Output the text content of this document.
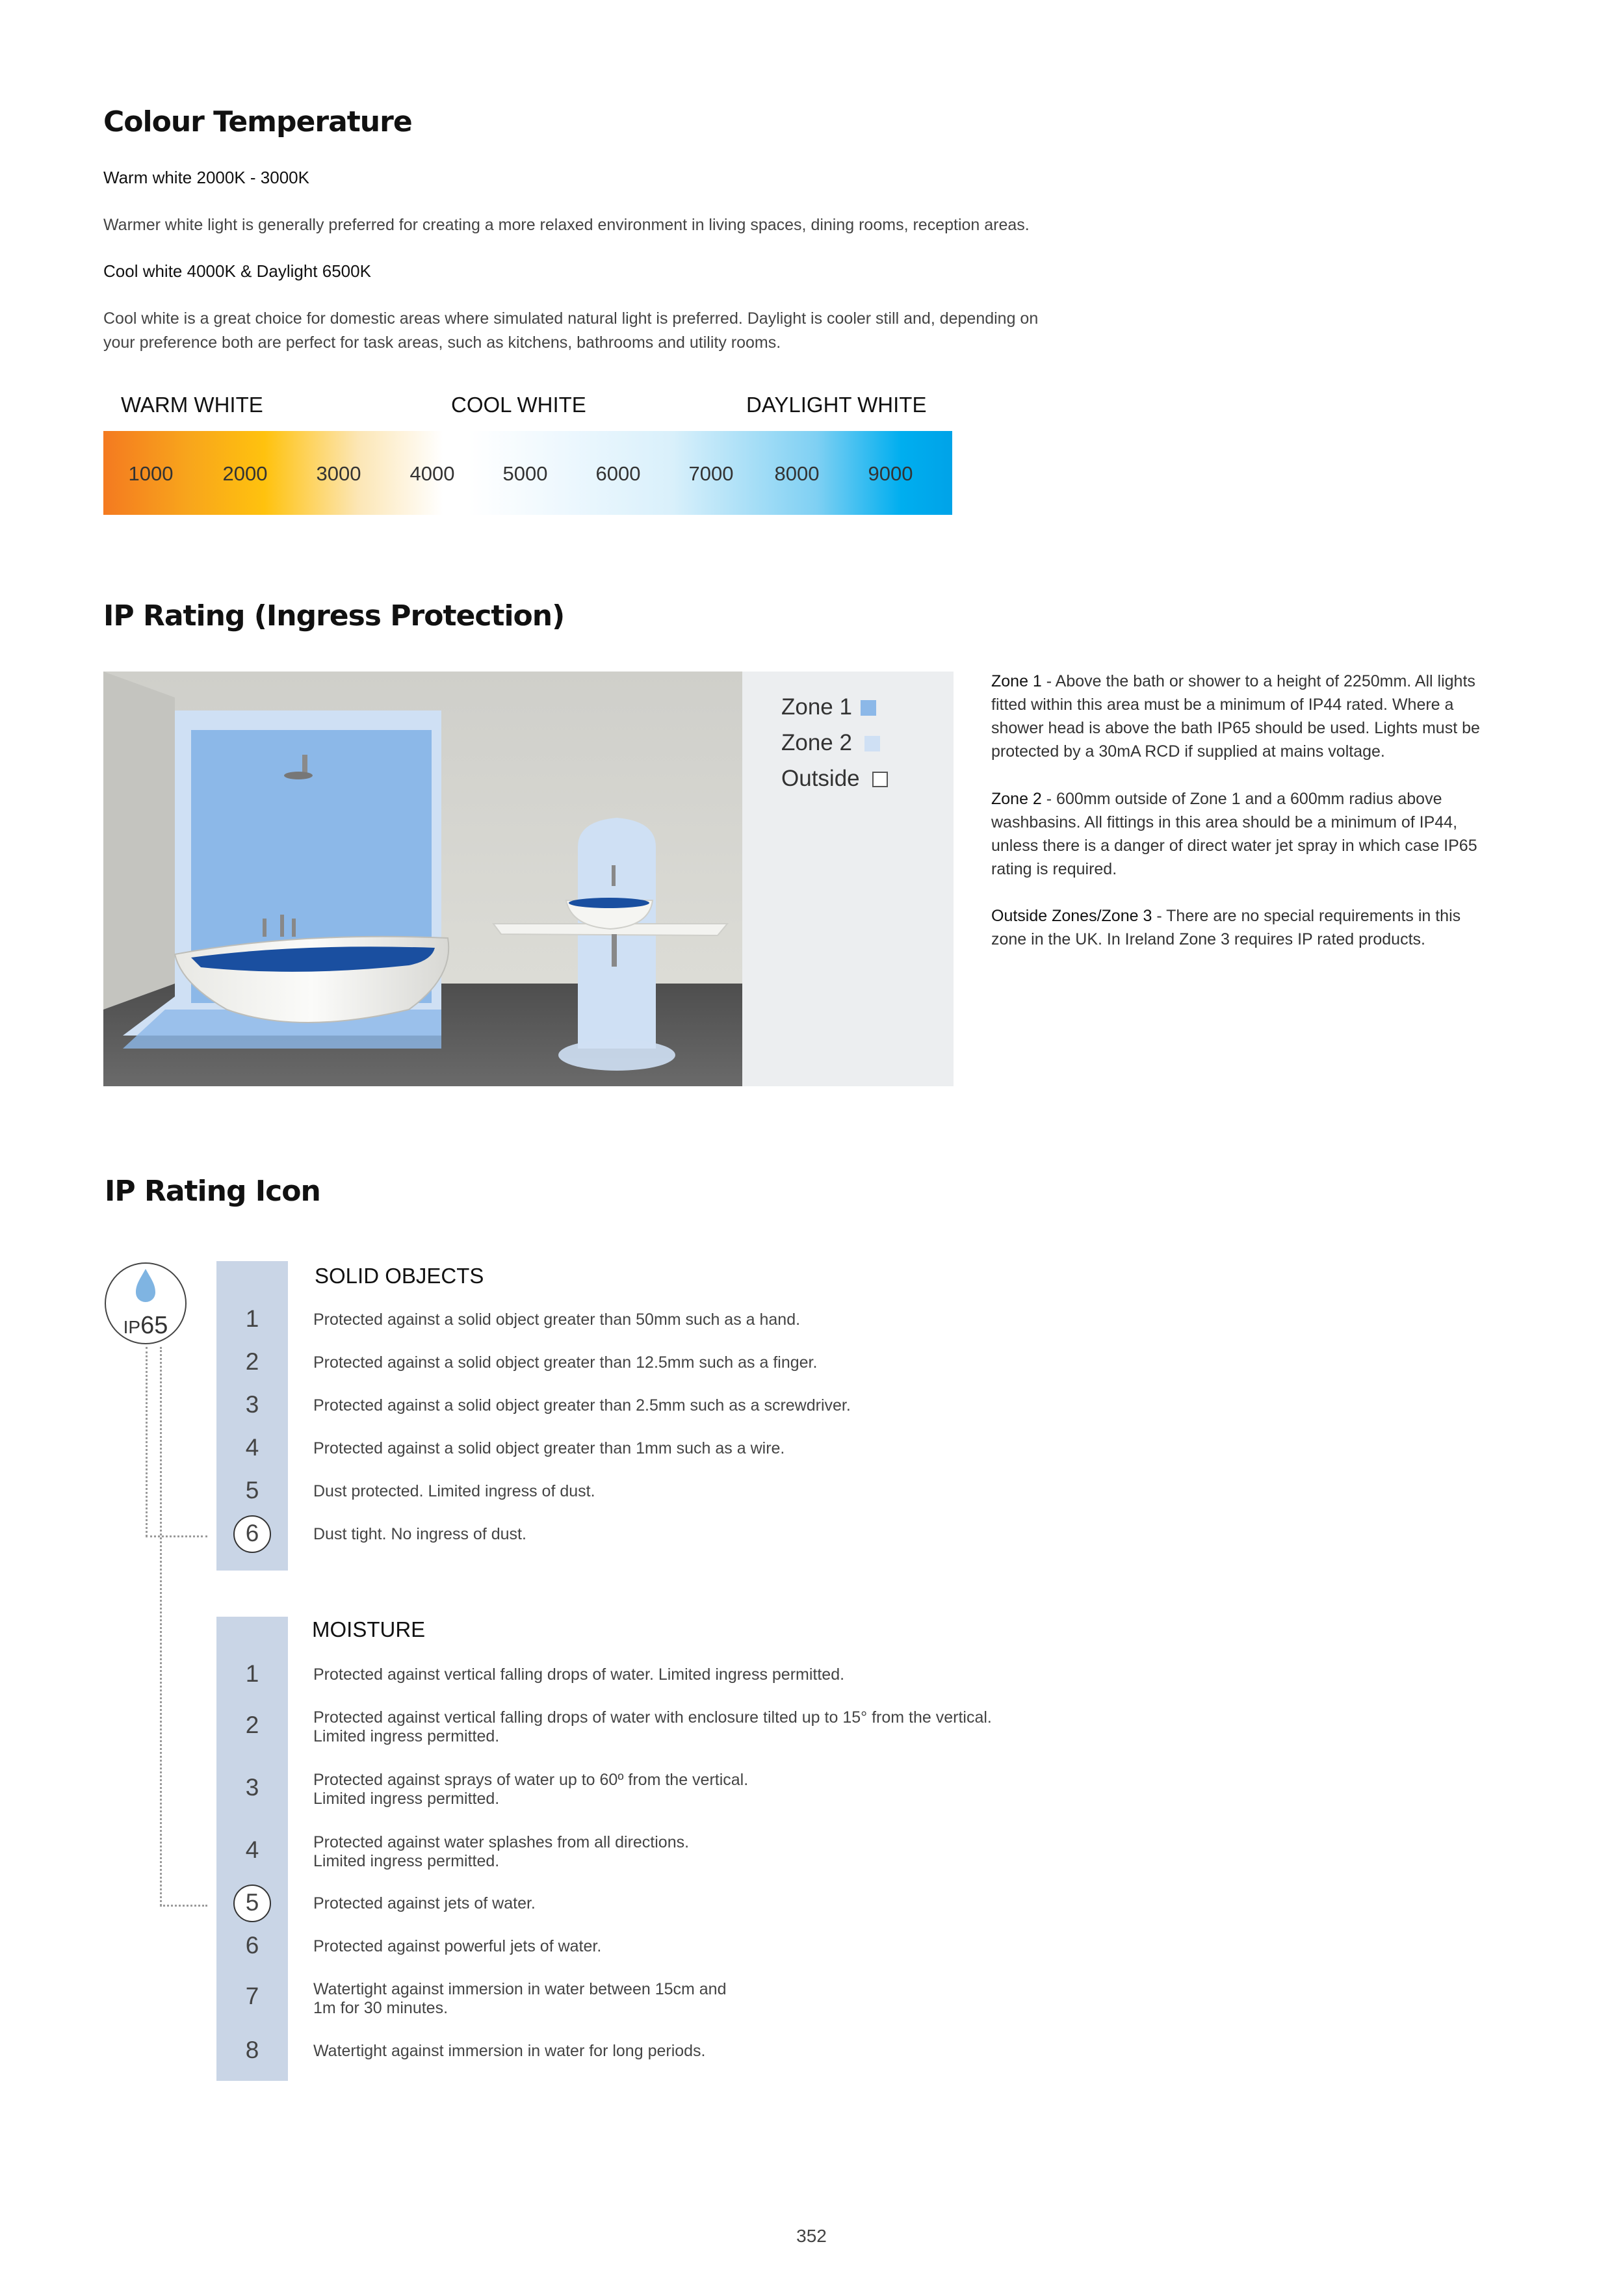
Colour Temperature

Warm white 2000K - 3000K

Warmer white light is generally preferred for creating a more relaxed environment in living spaces, dining rooms, reception areas.

Cool white 4000K & Daylight 6500K

Cool white is a great choice for domestic areas where simulated natural light is preferred. Daylight is cooler still and, depending on

your preference both are perfect for task areas, such as kitchens, bathrooms and utility rooms.

WARM WHITE	COOL WHITE	DAYLIGHT WHITE
1000 2000 3000 4000 5000 6000 7000 8000 9000
IP Rating (Ingress Protection)
Zone 1
Zone 2
Outside

Zone 1 - Above the bath or shower to a height of 2250mm. All lights
fitted within this area must be a minimum of IP44 rated. Where a
shower head is above the bath IP65 should be used. Lights must be
protected by a 30mA RCD if supplied at mains voltage.

Zone 2 - 600mm outside of Zone 1 and a 600mm radius above
washbasins. All fittings in this area should be a minimum of IP44,
unless there is a danger of direct water jet spray in which case IP65
rating is required.

Outside Zones/Zone 3 - There are no special requirements in this
zone in the UK. In Ireland Zone 3 requires IP rated products.

IP Rating Icon
IP65
SOLID OBJECTS
1	Protected against a solid object greater than 50mm such as a hand.

2	Protected against a solid object greater than 12.5mm such as a finger.

3	Protected against a solid object greater than 2.5mm such as a screwdriver.

4	Protected against a solid object greater than 1mm such as a wire.

5	Dust protected. Limited ingress of dust.

6	Dust tight. No ingress of dust.

MOISTURE
1	Protected against vertical falling drops of water. Limited ingress permitted.

2	Protected against vertical falling drops of water with enclosure tilted up to 15° from the vertical.

Limited ingress permitted.

3	Protected against sprays of water up to 60º from the vertical.

Limited ingress permitted.

4	Protected against water splashes from all directions.

Limited ingress permitted.

5	Protected against jets of water.

6	Protected against powerful jets of water.

7	Watertight against immersion in water between 15cm and

1m for 30 minutes.

8	Watertight against immersion in water for long periods.

352
